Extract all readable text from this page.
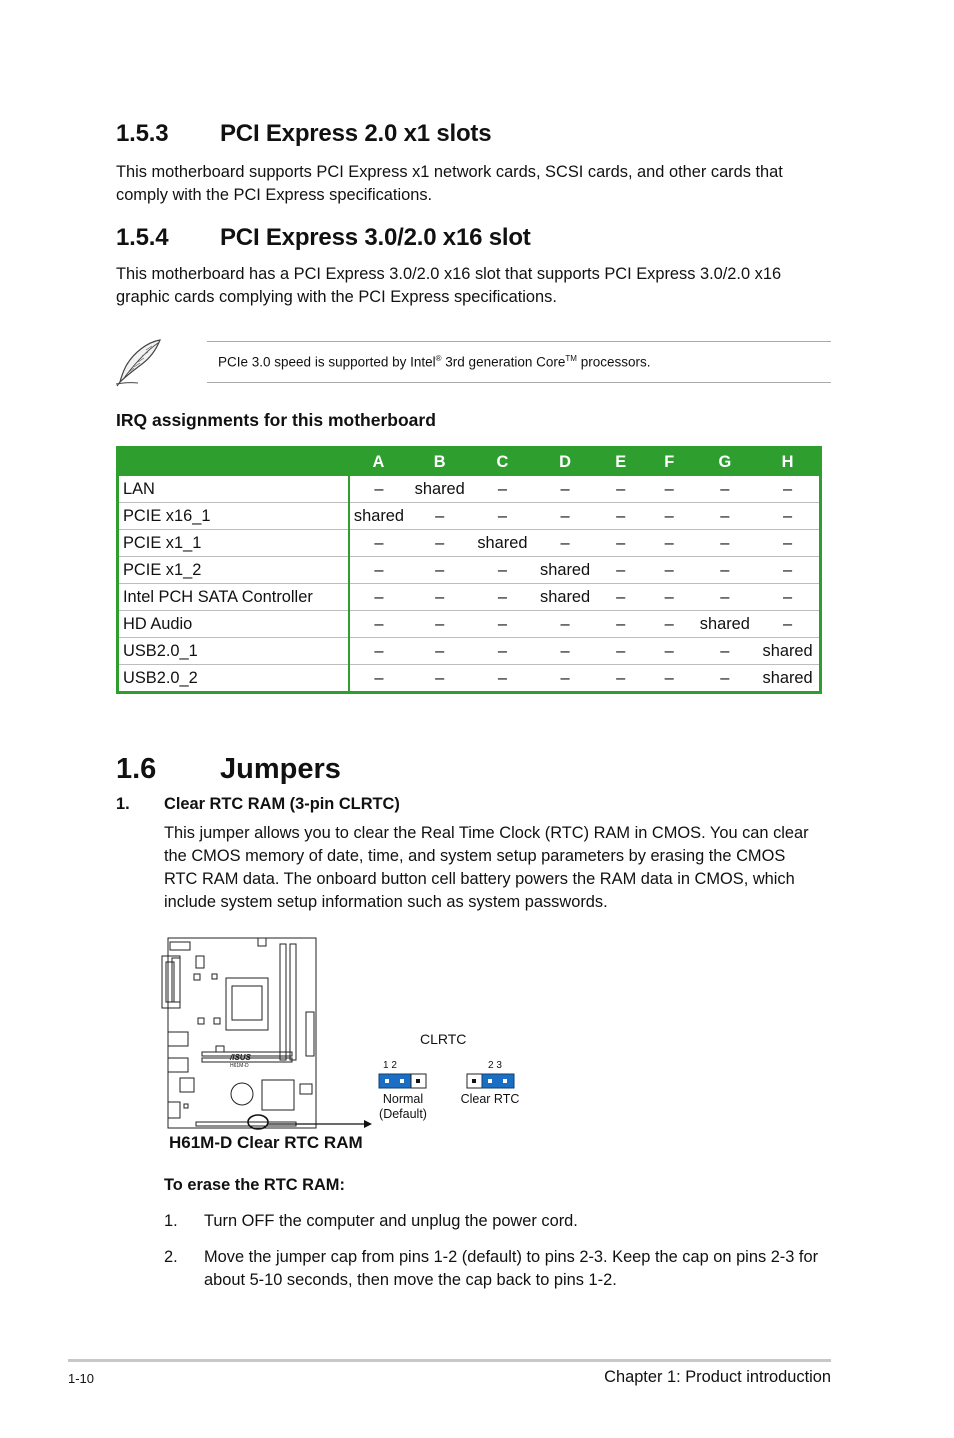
1.5.3 PCI Express 2.0 x1 slots

This motherboard supports PCI Express x1 network cards, SCSI cards, and other cards that comply with the PCI Express specifications.

1.5.4 PCI Express 3.0/2.0 x16 slot

This motherboard has a PCI Express 3.0/2.0 x16 slot that supports PCI Express 3.0/2.0 x16 graphic cards complying with the PCI Express specifications.

PCIe 3.0 speed is supported by Intel® 3rd generation Core™ processors.
IRQ assignments for this motherboard
	A	B	C	D	E	F	G	H
LAN	–	shared	–	–	–	–	–	–
PCIE x16_1	shared	–	–	–	–	–	–	–
PCIE x1_1	–	–	shared	–	–	–	–	–
PCIE x1_2	–	–	–	shared	–	–	–	–
Intel PCH SATA Controller	–	–	–	shared	–	–	–	–
HD Audio	–	–	–	–	–	–	shared	–
USB2.0_1	–	–	–	–	–	–	–	shared
USB2.0_2	–	–	–	–	–	–	–	shared
1.6 Jumpers
1. Clear RTC RAM (3-pin CLRTC)

This jumper allows you to clear the Real Time Clock (RTC) RAM in CMOS. You can clear the CMOS memory of date, time, and system setup parameters by erasing the CMOS RTC RAM data. The onboard button cell battery powers the RAM data in CMOS, which include system setup information such as system passwords.

/ISUS
H61M-D
CLRTC
1 2	2 3
Normal
(Default)
Clear RTC
H61M-D Clear RTC RAM
To erase the RTC RAM:
1. Turn OFF the computer and unplug the power cord.

2. Move the jumper cap from pins 1-2 (default) to pins 2-3. Keep the cap on pins 2-3 for about 5-10 seconds, then move the cap back to pins 1-2.

1-10	Chapter 1: Product introduction
